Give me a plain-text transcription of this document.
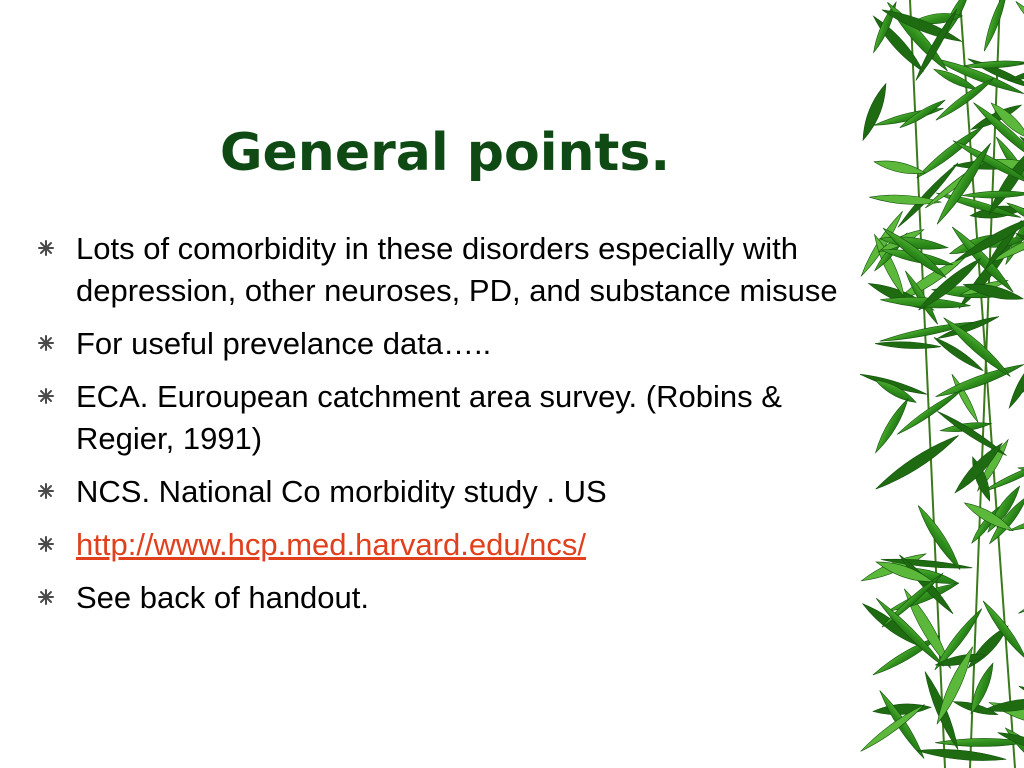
General points.
Lots of comorbidity in these disorders especially with depression, other neuroses, PD, and substance misuse
For useful prevelance data…..
ECA. Euroupean catchment area survey. (Robins & Regier, 1991)
NCS. National Co morbidity study . US
http://www.hcp.med.harvard.edu/ncs/
See back of handout.
